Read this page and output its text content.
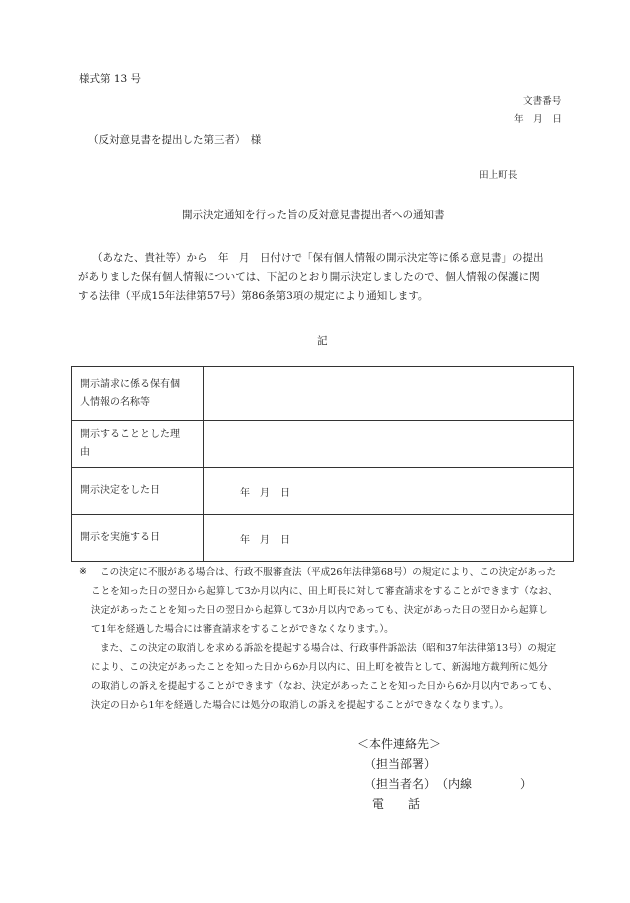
様式第 13 号
文書番号
年　月　日
（反対意見書を提出した第三者）　様
田上町長
開示決定通知を行った旨の反対意見書提出者への通知書
（あなた、貴社等）から　年　月　日付けで「保有個人情報の開示決定等に係る意見書」の提出
がありました保有個人情報については、下記のとおり開示決定しましたので、個人情報の保護に関
する法律（平成15年法律第57号）第86条第3項の規定により通知します。
記
開示請求に係る保有個
人情報の名称等	

開示することとした理
由	

開示決定をした日	年　月　日

開示を実施する日	年　月　日
※	この決定に不服がある場合は、行政不服審査法（平成26年法律第68号）の規定により、この決定があった
ことを知った日の翌日から起算して3か月以内に、田上町長に対して審査請求をすることができます（なお、
決定があったことを知った日の翌日から起算して3か月以内であっても、決定があった日の翌日から起算し
て1年を経過した場合には審査請求をすることができなくなります。）。
また、この決定の取消しを求める訴訟を提起する場合は、行政事件訴訟法（昭和37年法律第13号）の規定
により、この決定があったことを知った日から6か月以内に、田上町を被告として、新潟地方裁判所に処分
の取消しの訴えを提起することができます（なお、決定があったことを知った日から6か月以内であっても、
決定の日から1年を経過した場合には処分の取消しの訴えを提起することができなくなります。）。
＜本件連絡先＞
（担当部署）
（担当者名）　（内線　　　　）
電　　話
